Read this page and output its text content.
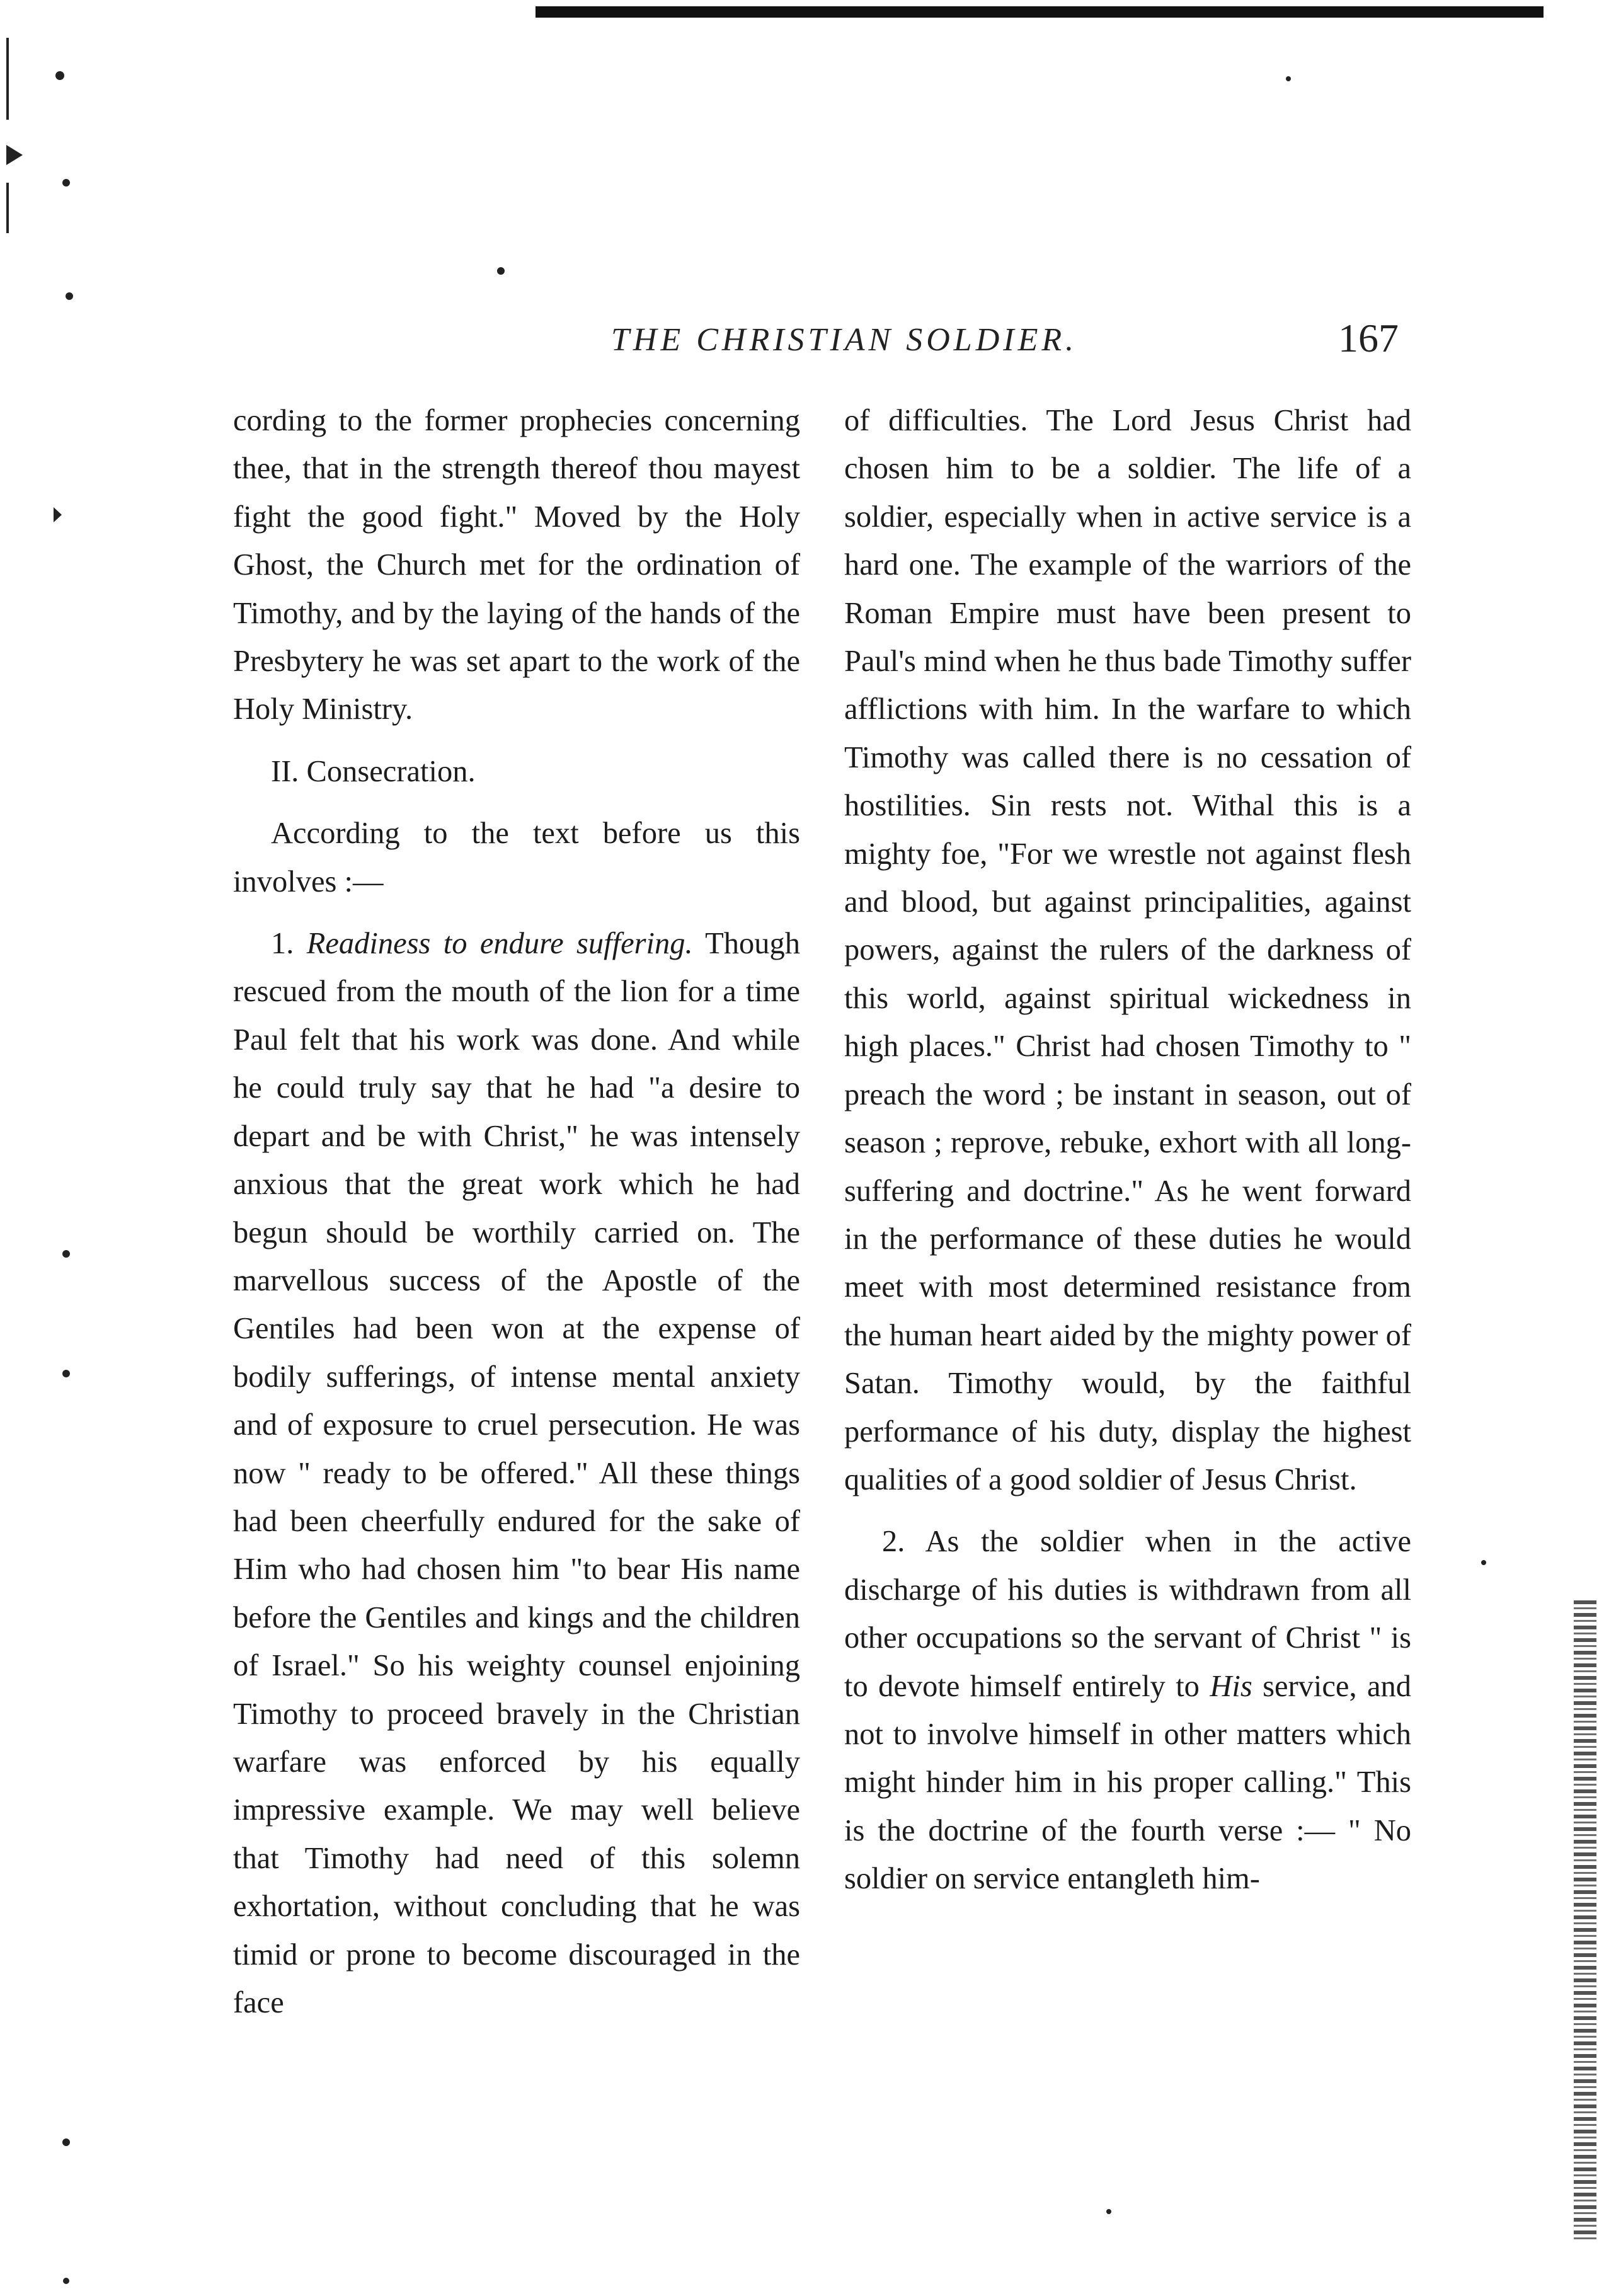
THE CHRISTIAN SOLDIER.	167

cording to the former prophecies concerning thee, that in the strength thereof thou mayest fight the good fight." Moved by the Holy Ghost, the Church met for the ordination of Timothy, and by the laying of the hands of the Presbytery he was set apart to the work of the Holy Ministry.

II. Consecration.

According to the text before us this involves :—

1. Readiness to endure suffering. Though rescued from the mouth of the lion for a time Paul felt that his work was done. And while he could truly say that he had "a desire to depart and be with Christ," he was intensely anxious that the great work which he had begun should be worthily carried on. The marvellous success of the Apostle of the Gentiles had been won at the expense of bodily sufferings, of intense mental anxiety and of exposure to cruel persecution. He was now " ready to be offered." All these things had been cheerfully endured for the sake of Him who had chosen him "to bear His name before the Gentiles and kings and the children of Israel." So his weighty counsel enjoining Timothy to proceed bravely in the Christian warfare was enforced by his equally impressive example. We may well believe that Timothy had need of this solemn exhortation, without concluding that he was timid or prone to become discouraged in the face

of difficulties. The Lord Jesus Christ had chosen him to be a soldier. The life of a soldier, especially when in active service is a hard one. The example of the warriors of the Roman Empire must have been present to Paul's mind when he thus bade Timothy suffer afflictions with him. In the warfare to which Timothy was called there is no cessation of hostilities. Sin rests not. Withal this is a mighty foe, "For we wrestle not against flesh and blood, but against principalities, against powers, against the rulers of the darkness of this world, against spiritual wickedness in high places." Christ had chosen Timothy to " preach the word ; be instant in season, out of season ; reprove, rebuke, exhort with all long-suffering and doctrine." As he went forward in the performance of these duties he would meet with most determined resistance from the human heart aided by the mighty power of Satan. Timothy would, by the faithful performance of his duty, display the highest qualities of a good soldier of Jesus Christ.

2. As the soldier when in the active discharge of his duties is withdrawn from all other occupations so the servant of Christ " is to devote himself entirely to His service, and not to involve himself in other matters which might hinder him in his proper calling." This is the doctrine of the fourth verse :— " No soldier on service entangleth him-
